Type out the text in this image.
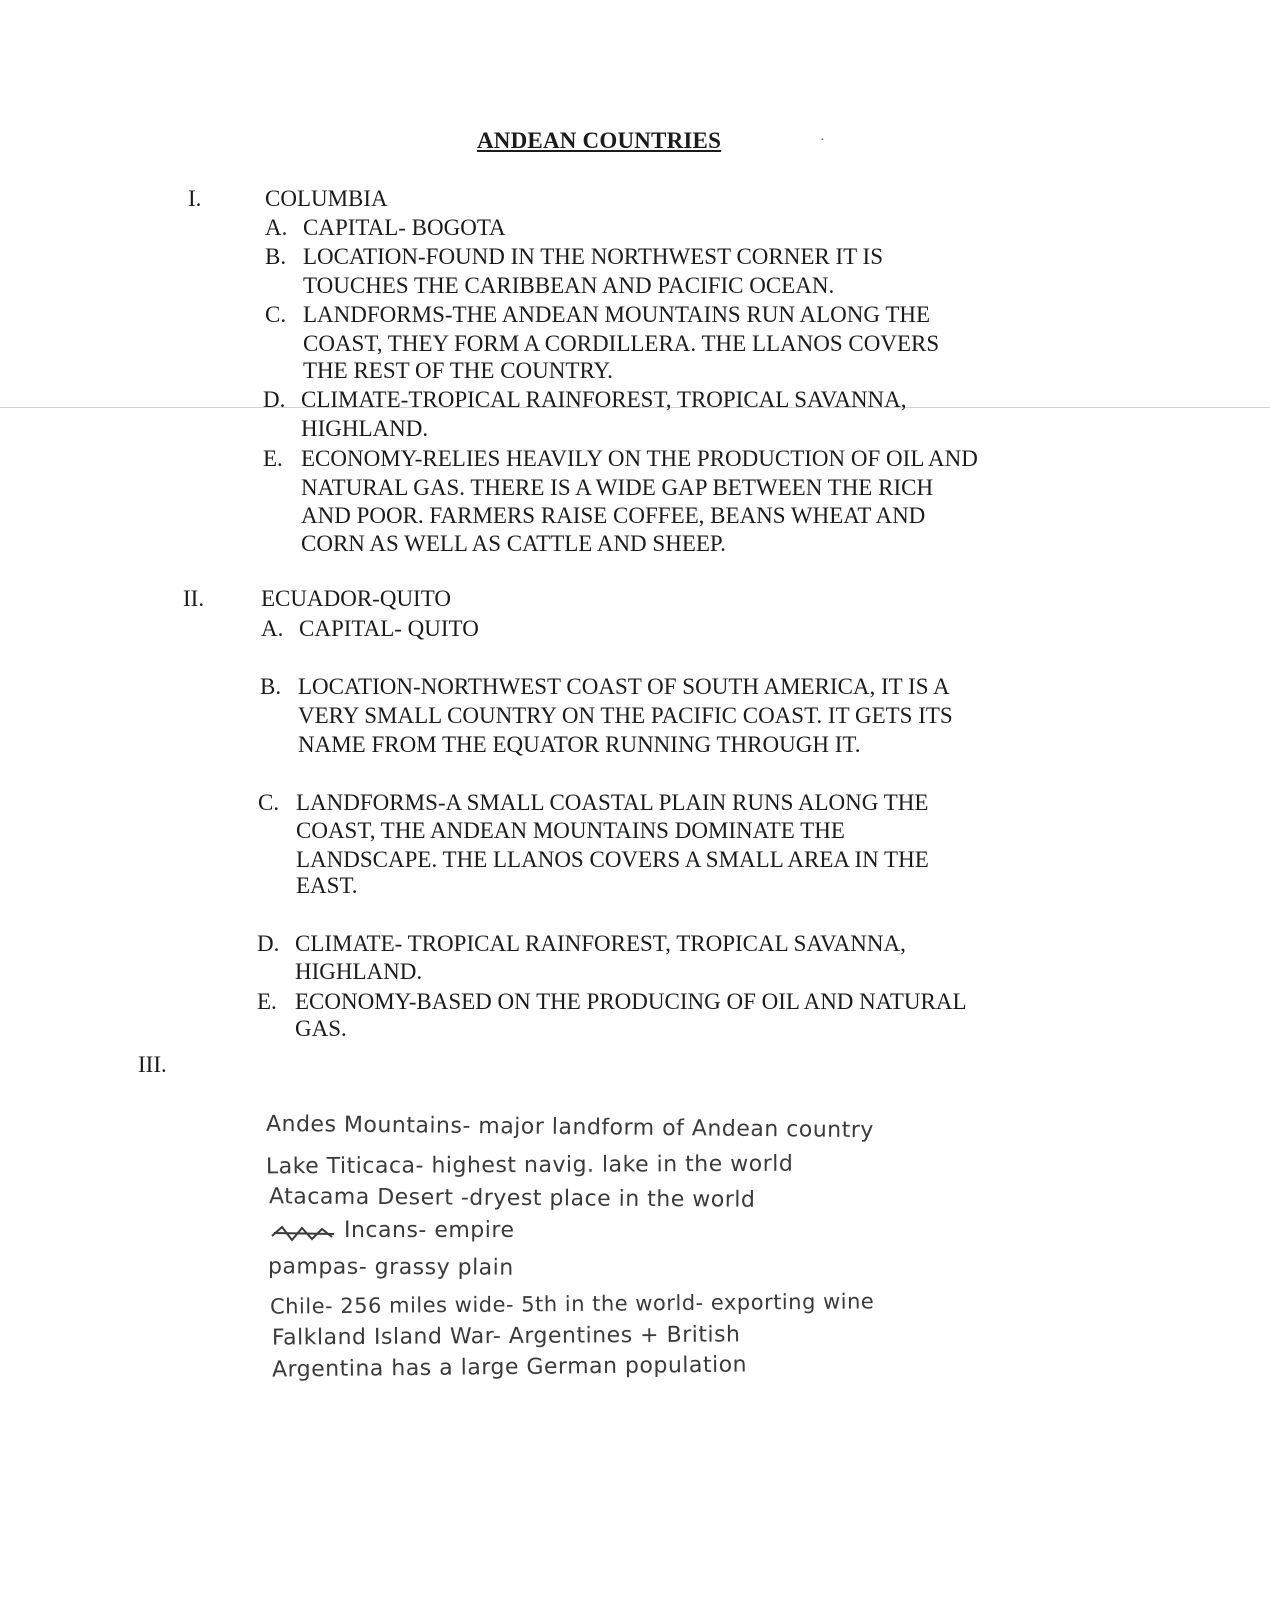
ANDEAN COUNTRIES	·
I.	COLUMBIA
A. CAPITAL- BOGOTA
B. LOCATION-FOUND IN THE NORTHWEST CORNER IT IS
TOUCHES THE CARIBBEAN AND PACIFIC OCEAN.
C. LANDFORMS-THE ANDEAN MOUNTAINS RUN ALONG THE
COAST, THEY FORM A CORDILLERA. THE LLANOS COVERS
THE REST OF THE COUNTRY.
D. CLIMATE-TROPICAL RAINFOREST, TROPICAL SAVANNA,
HIGHLAND.
E. ECONOMY-RELIES HEAVILY ON THE PRODUCTION OF OIL AND
NATURAL GAS. THERE IS A WIDE GAP BETWEEN THE RICH
AND POOR. FARMERS RAISE COFFEE, BEANS WHEAT AND
CORN AS WELL AS CATTLE AND SHEEP.
II. ECUADOR-QUITO
A. CAPITAL- QUITO
B. LOCATION-NORTHWEST COAST OF SOUTH AMERICA, IT IS A
VERY SMALL COUNTRY ON THE PACIFIC COAST. IT GETS ITS
NAME FROM THE EQUATOR RUNNING THROUGH IT.
C. LANDFORMS-A SMALL COASTAL PLAIN RUNS ALONG THE
COAST, THE ANDEAN MOUNTAINS DOMINATE THE
LANDSCAPE. THE LLANOS COVERS A SMALL AREA IN THE
EAST.
D. CLIMATE- TROPICAL RAINFOREST, TROPICAL SAVANNA,
HIGHLAND.
E. ECONOMY-BASED ON THE PRODUCING OF OIL AND NATURAL
GAS.
III.
Andes Mountains- major landform of Andean country
Lake Titicaca- highest navig. lake in the world
Atacama Desert -dryest place in the world
Incans- empire
pampas- grassy plain
Chile- 256 miles wide- 5th in the world- exporting wine
Falkland Island War- Argentines + British
Argentina has a large German population
